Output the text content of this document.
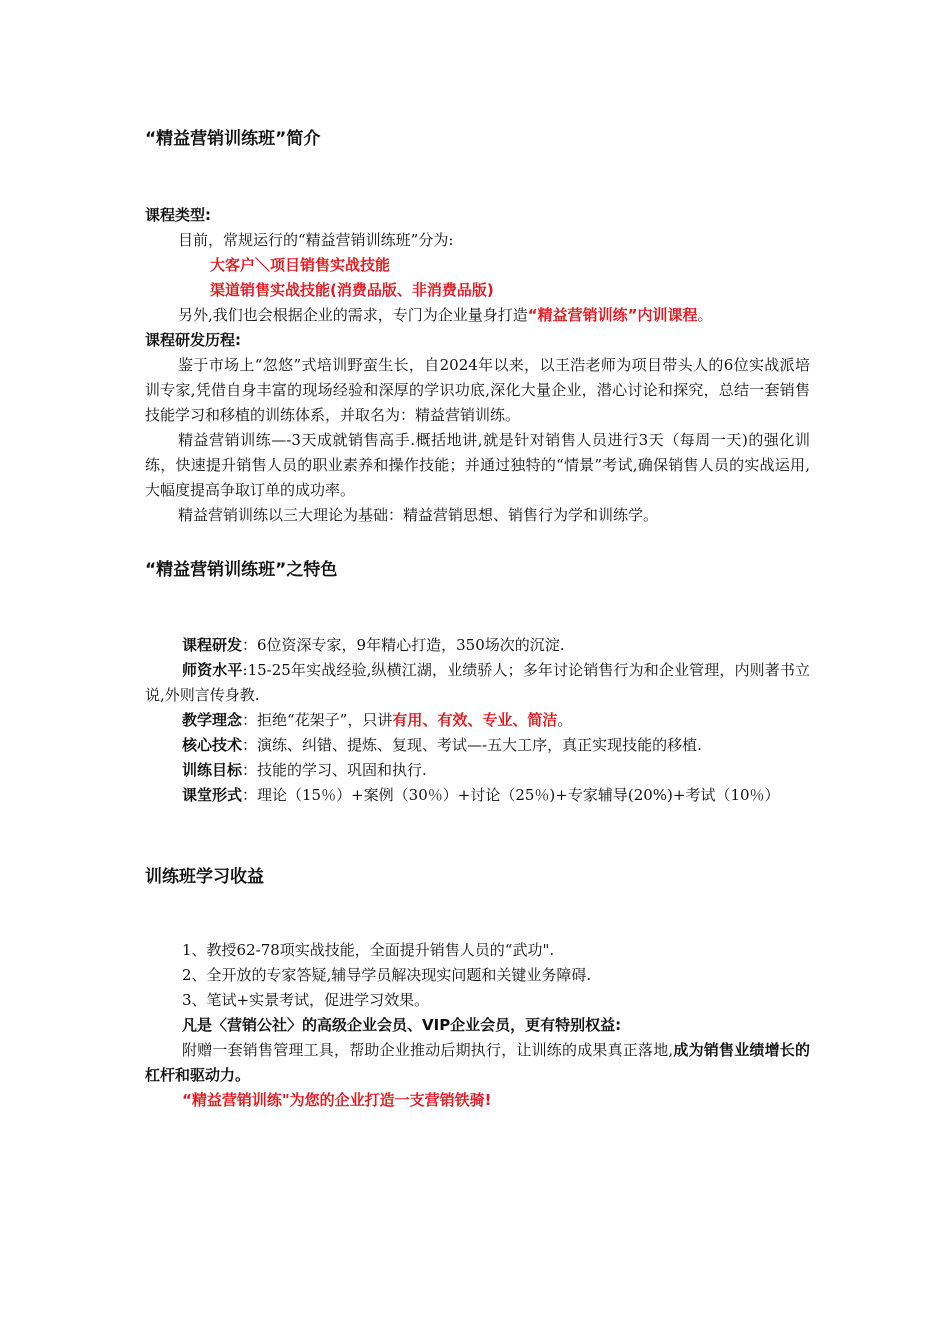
“精益营销训练班”简介
课程类型:
目前，常规运行的“精益营销训练班”分为:
大客户＼项目销售实战技能
渠道销售实战技能(消费品版、非消费品版)
另外,我们也会根据企业的需求，专门为企业量身打造“精益营销训练”内训课程。
课程研发历程:
鉴于市场上“忽悠”式培训野蛮生长，自2024年以来，以王浩老师为项目带头人的6位实战派培训专家,凭借自身丰富的现场经验和深厚的学识功底,深化大量企业，潜心讨论和探究，总结一套销售技能学习和移植的训练体系，并取名为：精益营销训练。
精益营销训练—-3天成就销售高手.概括地讲,就是针对销售人员进行3天（每周一天)的强化训练，快速提升销售人员的职业素养和操作技能；并通过独特的“情景”考试,确保销售人员的实战运用,大幅度提高争取订单的成功率。
精益营销训练以三大理论为基础：精益营销思想、销售行为学和训练学。
“精益营销训练班”之特色
课程研发：6位资深专家，9年精心打造，350场次的沉淀.
师资水平:15-25年实战经验,纵横江湖，业绩骄人；多年讨论销售行为和企业管理，内则著书立说,外则言传身教.
教学理念：拒绝“花架子”，只讲有用、有效、专业、简洁。
核心技术：演练、纠错、提炼、复现、考试—-五大工序，真正实现技能的移植.
训练目标：技能的学习、巩固和执行.
课堂形式：理论（15％）+案例（30％）+讨论（25％)+专家辅导(20%)+考试（10％）
训练班学习收益
1、教授62-78项实战技能，全面提升销售人员的“武功".
2、全开放的专家答疑,辅导学员解决现实问题和关键业务障碍.
3、笔试+实景考试，促进学习效果。
凡是〈营销公社〉的高级企业会员、VIP企业会员，更有特别权益:
附赠一套销售管理工具，帮助企业推动后期执行，让训练的成果真正落地,成为销售业绩增长的杠杆和驱动力。
“精益营销训练"为您的企业打造一支营销铁骑!
